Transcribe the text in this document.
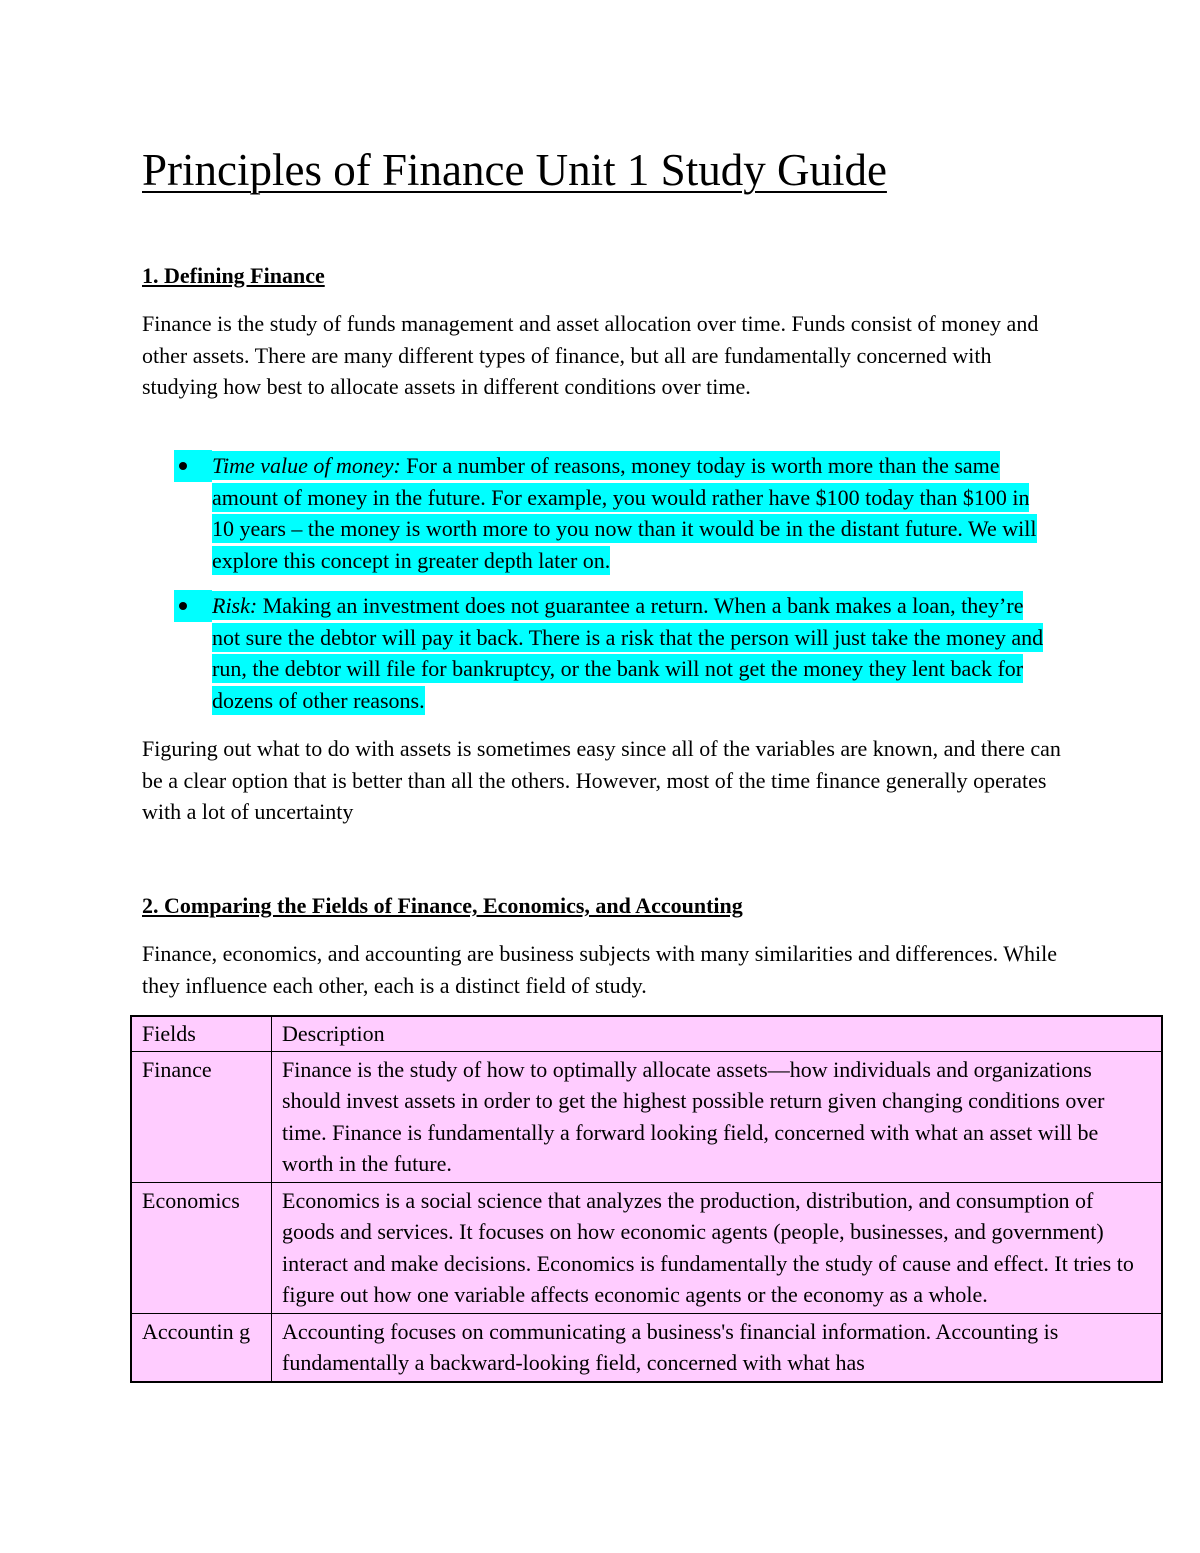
Principles of Finance Unit 1 Study Guide
1. Defining Finance

Finance is the study of funds management and asset allocation over time. Funds consist of money and other assets. There are many different types of finance, but all are fundamentally concerned with studying how best to allocate assets in different conditions over time.

Time value of money: For a number of reasons, money today is worth more than the same amount of money in the future. For example, you would rather have $100 today than $100 in 10 years – the money is worth more to you now than it would be in the distant future. We will explore this concept in greater depth later on.
Risk: Making an investment does not guarantee a return. When a bank makes a loan, they’re not sure the debtor will pay it back. There is a risk that the person will just take the money and run, the debtor will file for bankruptcy, or the bank will not get the money they lent back for dozens of other reasons.

Figuring out what to do with assets is sometimes easy since all of the variables are known, and there can be a clear option that is better than all the others. However, most of the time finance generally operates with a lot of uncertainty

2. Comparing the Fields of Finance, Economics, and Accounting

Finance, economics, and accounting are business subjects with many similarities and differences. While they influence each other, each is a distinct field of study.

Fields	Description
Finance	Finance is the study of how to optimally allocate assets—how individuals and organizations should invest assets in order to get the highest possible return given changing conditions over time. Finance is fundamentally a forward looking field, concerned with what an asset will be worth in the future.
Economics	Economics is a social science that analyzes the production, distribution, and consumption of goods and services. It focuses on how economic agents (people, businesses, and government) interact and make decisions. Economics is fundamentally the study of cause and effect. It tries to figure out how one variable affects economic agents or the economy as a whole.
Accountin g	Accounting focuses on communicating a business's financial information. Accounting is fundamentally a backward-looking field, concerned with what has
